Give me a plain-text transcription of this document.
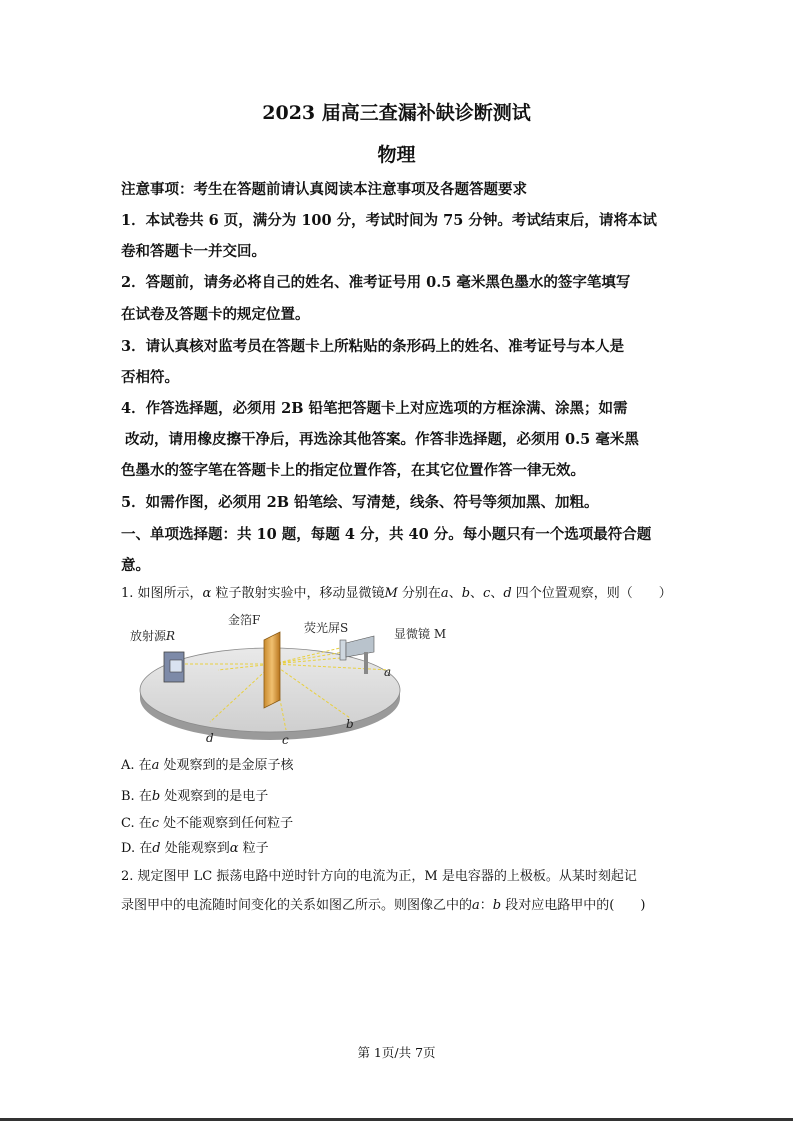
2023 届高三查漏补缺诊断测试
物理
注意事项：考生在答题前请认真阅读本注意事项及各题答题要求
1．本试卷共 6 页，满分为 100 分，考试时间为 75 分钟。考试结束后，请将本试
卷和答题卡一并交回。
2．答题前，请务必将自己的姓名、准考证号用 0.5 毫米黑色墨水的签字笔填写
在试卷及答题卡的规定位置。
3．请认真核对监考员在答题卡上所粘贴的条形码上的姓名、准考证号与本人是
否相符。
4．作答选择题，必须用 2B 铅笔把答题卡上对应选项的方框涂满、涂黑；如需
改动，请用橡皮擦干净后，再选涂其他答案。作答非选择题，必须用 0.5 毫米黑
色墨水的签字笔在答题卡上的指定位置作答，在其它位置作答一律无效。
5．如需作图，必须用 2B 铅笔绘、写清楚，线条、符号等须加黑、加粗。
一、单项选择题：共 10 题，每题 4 分，共 40 分。每小题只有一个选项最符合题
意。
1. 如图所示，α 粒子散射实验中，移动显微镜M 分别在a、b、c、d 四个位置观察，则（　　）
放射源R
金箔F
荧光屏S	显微镜 M
a
b
c
d
A. 在a 处观察到的是金原子核
B. 在b 处观察到的是电子
C. 在c 处不能观察到任何粒子
D. 在d 处能观察到α 粒子
2. 规定图甲 LC 振荡电路中逆时针方向的电流为正，M 是电容器的上极板。从某时刻起记
录图甲中的电流随时间变化的关系如图乙所示。则图像乙中的a：b 段对应电路甲中的(　　)
第 1页/共 7页
